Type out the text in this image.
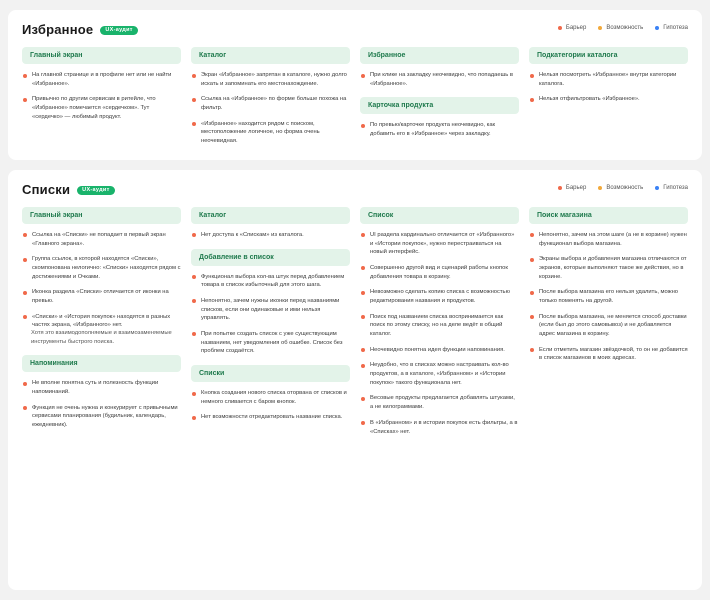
Избранное	UX-аудит	Барьер	Возможность	Гипотеза
Главный экран
На главной странице и в профиле нет или не найти «Избранное».
Привычно по другим сервисам в ритейле, что «Избранное» помечается «сердечком». Тут «сердечко» — любимый продукт.
Каталог
Экран «Избранное» запрятан в каталоге, нужно долго искать и запоминать его местонахождение.
Ссылка на «Избранное» по форме больше похожа на фильтр.
«Избранное» находится рядом с поиском, местоположение логичное, но форма очень неочевидная.
Избранное
При клике на закладку неочевидно, что попадаешь в «Избранное».
Карточка продукта
По превью/карточке продукта неочевидно, как добавить его в «Избранное» через закладку.
Подкатегории каталога
Нельзя посмотреть «Избранное» внутри категории каталога.
Нельзя отфильтровать «Избранное».
Списки	UX-аудит	Барьер	Возможность	Гипотеза
Главный экран
Ссылка на «Списки» не попадает в первый экран «Главного экрана».
Группа ссылок, в которой находятся «Списки», скомпонована нелогично: «Списки» находятся рядом с достижениями и Очками.
Иконка раздела «Списки» отличается от иконки на превью.
«Списки» и «История покупок» находятся в разных частях экрана, «Избранного» нет.
Хотя это взаимодополняемые и взаимозаменяемые инструменты быстрого поиска.
Напоминания
Не вполне понятна суть и полезность функции напоминаний.
Функция не очень нужна и конкурирует с привычными сервисами планирования (будильник, календарь, ежедневник).
Каталог
Нет доступа к «Спискам» из каталога.
Добавление в список
Функционал выбора кол-ва штук перед добавлением товара в список избыточный для этого шага.
Непонятно, зачем нужны иконки перед названиями списков, если они одинаковые и ими нельзя управлять.
При попытке создать список с уже существующим названием, нет уведомления об ошибке. Список без проблем создаётся.
Списки
Кнопка создания нового списка оторвана от списков и немного сливается с баром кнопок.
Нет возможности отредактировать название списка.
Список
UI раздела кардинально отличается от «Избранного» и «Истории покупок», нужно перестраиваться на новый интерфейс.
Совершенно другой вид и сценарий работы кнопок добавления товара в корзину.
Невозможно сделать копию списка с возможностью редактирования названия и продуктов.
Поиск под названием списка воспринимается как поиск по этому списку, но на деле ведёт в общий каталог.
Неочевидно понятна идея функции напоминания.
Неудобно, что в списках можно настраивать кол-во продуктов, а в каталоге, «Избранном» и «Истории покупок» такого функционала нет.
Весовые продукты предлагается добавлять штуками, а не килограммами.
В «Избранном» и в истории покупок есть фильтры, а в «Списках» нет.
Поиск магазина
Непонятно, зачем на этом шаге (а не в корзине) нужен функционал выбора магазина.
Экраны выбора и добавления магазина отличаются от экранов, которые выполняют такое же действия, но в корзине.
После выбора магазина его нельзя удалить, можно только поменять на другой.
После выбора магазина, не меняется способ доставки (если был до этого самовывоз) и не добавляется адрес магазина в корзину.
Если отметить магазин звёздочкой, то он не добавится в список магазинов в моих адресах.
